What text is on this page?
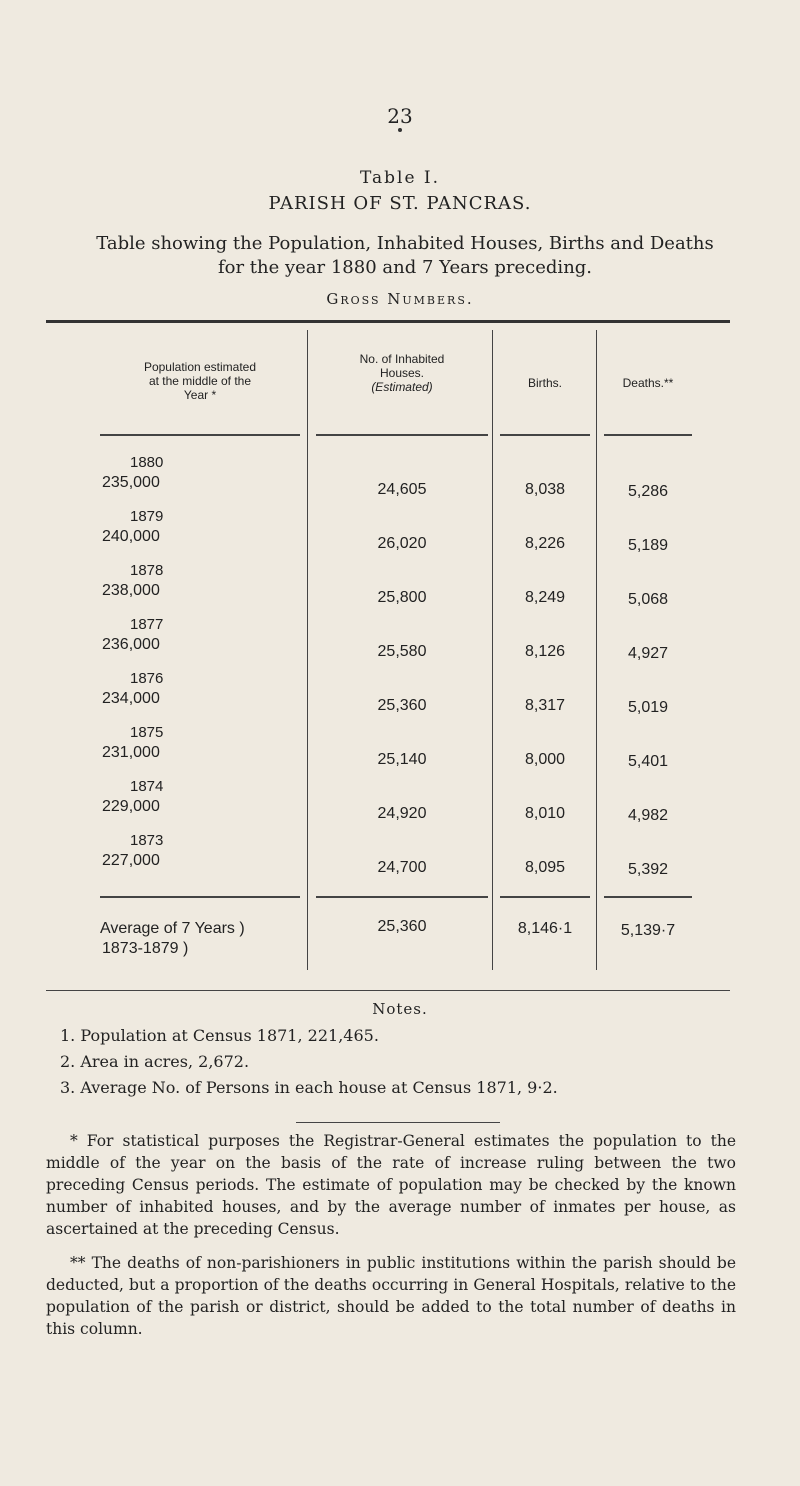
23
Table I.
PARISH OF ST. PANCRAS.
Table showing the Population, Inhabited Houses, Births and Deaths
for the year 1880 and 7 Years preceding.
Gross Numbers.
Population estimated
at the middle of the
Year *
No. of Inhabited
Houses.
(Estimated)	Births.	Deaths.**
1880
235,000	24,605	8,038	5,286
1879
240,000	26,020	8,226	5,189
1878
238,000	25,800	8,249	5,068
1877
236,000	25,580	8,126	4,927
1876
234,000	25,360	8,317	5,019
1875
231,000	25,140	8,000	5,401
1874
229,000	24,920	8,010	4,982
1873
227,000	24,700	8,095	5,392
Average of 7 Years )
1873-1879 )
25,360	8,146·1	5,139·7
Notes.
1. Population at Census 1871, 221,465.
2. Area in acres, 2,672.
3. Average No. of Persons in each house at Census 1871, 9·2.
* For statistical purposes the Registrar-General estimates the population to the middle of the year on the basis of the rate of increase ruling between the two preceding Census periods. The estimate of population may be checked by the known number of inhabited houses, and by the average number of inmates per house, as ascertained at the preceding Census.
** The deaths of non-parishioners in public institutions within the parish should be deducted, but a proportion of the deaths occurring in General Hospitals, relative to the population of the parish or district, should be added to the total number of deaths in this column.
